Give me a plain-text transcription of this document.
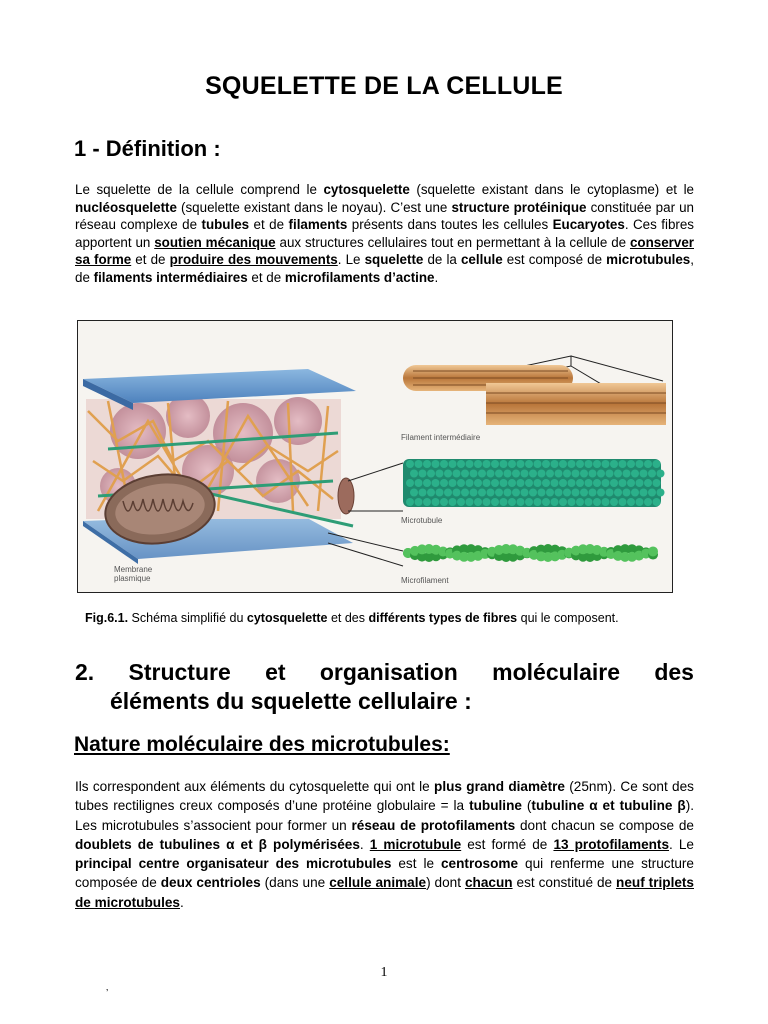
SQUELETTE DE LA CELLULE
1 - Définition :
Le squelette de la cellule comprend le cytosquelette (squelette existant dans le cytoplasme) et le nucléosquelette (squelette existant dans le noyau). C’est une structure protéinique constituée par un réseau complexe de tubules et de filaments présents dans toutes les cellules Eucaryotes. Ces fibres apportent un soutien mécanique aux structures cellulaires tout en permettant à la cellule de conserver sa forme et de produire des mouvements. Le squelette de la cellule est composé de microtubules, de filaments intermédiaires et de microfilaments d’actine.
Filament intermédiaire
Microtubule
Microfilament
Membrane
plasmique
Fig.6.1. Schéma simplifié du cytosquelette et des différents types de fibres qui le composent.
2. Structure et organisation moléculaire des
éléments du squelette cellulaire :
Nature moléculaire des microtubules:
Ils correspondent aux éléments du cytosquelette qui ont le plus grand diamètre (25nm). Ce sont des tubes rectilignes creux composés d’une protéine globulaire = la tubuline (tubuline α et tubuline β). Les microtubules s’associent pour former un réseau de protofilaments dont chacun se compose de doublets de tubulines α et β polymérisées. 1 microtubule est formé de 13 protofilaments. Le principal centre organisateur des microtubules est le centrosome qui renferme une structure composée de deux centrioles (dans une cellule animale) dont chacun est constitué de neuf triplets de microtubules.
1
‚
